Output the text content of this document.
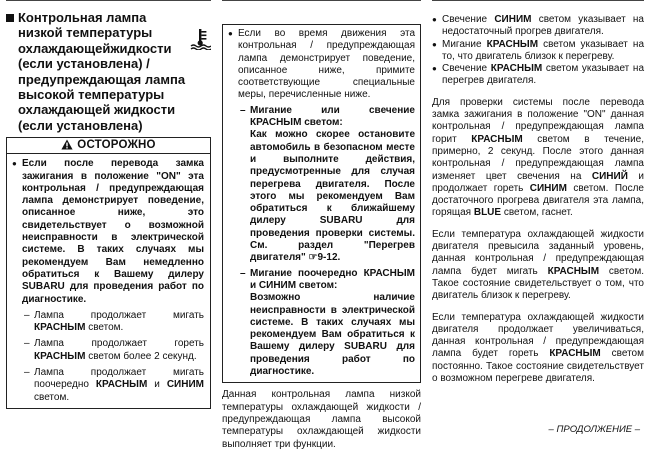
Контрольная лампа низкой температуры охлаждающейжидкости (если установлена) / предупреждающая лампа высокой температуры охлаждающей жидкости (если установлена)
ОСТОРОЖНО
● Если после перевода замка зажигания в положение "ON" эта контрольная / предупреждающая лампа демонстрирует поведение, описанное ниже, это свидетельствует о возможной неисправности в электрической системе. В таких случаях мы рекомендуем Вам немедленно обратиться к Вашему дилеру SUBARU для проведения работ по диагностике.
– Лампа продолжает мигать КРАСНЫМ светом.
– Лампа продолжает гореть КРАСНЫМ светом более 2 секунд.
– Лампа продолжает мигать поочередно КРАСНЫМ и СИНИМ светом.
● Если во время движения эта контрольная / предупреждающая лампа демонстрирует поведение, описанное ниже, примите соответствующие специальные меры, перечисленные ниже.
– Мигание или свечение КРАСНЫМ светом:
Как можно скорее остановите автомобиль в безопасном месте и выполните действия, предусмотренные для случая перегрева двигателя. После этого мы рекомендуем Вам обратиться к ближайшему дилеру SUBARU для проведения проверки системы. См. раздел "Перегрев двигателя" ☞9-12.
– Мигание поочередно КРАСНЫМ и СИНИМ светом:
Возможно наличие неисправности в электрической системе. В таких случаях мы рекомендуем Вам обратиться к Вашему дилеру SUBARU для проведения работ по диагностике.

Данная контрольная лампа низкой температуры охлаждающей жидкости / предупреждающая лампа высокой температуры охлаждающей жидкости выполняет три функции.

● Свечение СИНИМ светом указывает на недостаточный прогрев двигателя.
● Мигание КРАСНЫМ светом указывает на то, что двигатель близок к перегреву.
● Свечение КРАСНЫМ светом указывает на перегрев двигателя.

Для проверки системы после перевода замка зажигания в положение "ON" данная контрольная / предупреждающая лампа горит КРАСНЫМ светом в течение, примерно, 2 секунд. После этого данная контрольная / предупреждающая лампа изменяет цвет свечения на СИНИЙ и продолжает гореть СИНИМ светом. После достаточного прогрева двигателя эта лампа, горящая BLUE светом, гаснет.

Если температура охлаждающей жидкости двигателя превысила заданный уровень, данная контрольная / предупреждающая лампа будет мигать КРАСНЫМ светом. Такое состояние свидетельствует о том, что двигатель близок к перегреву.

Если температура охлаждающей жидкости двигателя продолжает увеличиваться, данная контрольная / предупреждающая лампа будет гореть КРАСНЫМ светом постоянно. Такое состояние свидетельствует о возможном перегреве двигателя.

– ПРОДОЛЖЕНИЕ –
